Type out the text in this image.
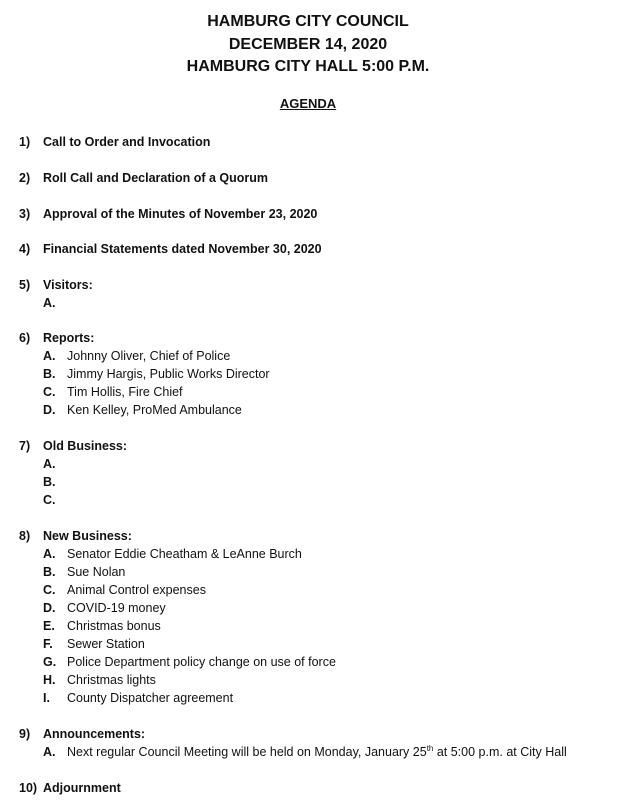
HAMBURG CITY COUNCIL
DECEMBER 14, 2020
HAMBURG CITY HALL 5:00 P.M.
AGENDA
1) Call to Order and Invocation
2) Roll Call and Declaration of a Quorum
3) Approval of the Minutes of November 23, 2020
4) Financial Statements dated November 30, 2020
5) Visitors:
A.
6) Reports:
A. Johnny Oliver, Chief of Police
B. Jimmy Hargis, Public Works Director
C. Tim Hollis, Fire Chief
D. Ken Kelley, ProMed Ambulance
7) Old Business:
A.
B.
C.
8) New Business:
A. Senator Eddie Cheatham & LeAnne Burch
B. Sue Nolan
C. Animal Control expenses
D. COVID-19 money
E. Christmas bonus
F. Sewer Station
G. Police Department policy change on use of force
H. Christmas lights
I. County Dispatcher agreement
9) Announcements:
A. Next regular Council Meeting will be held on Monday, January 25th at 5:00 p.m. at City Hall
10) Adjournment
